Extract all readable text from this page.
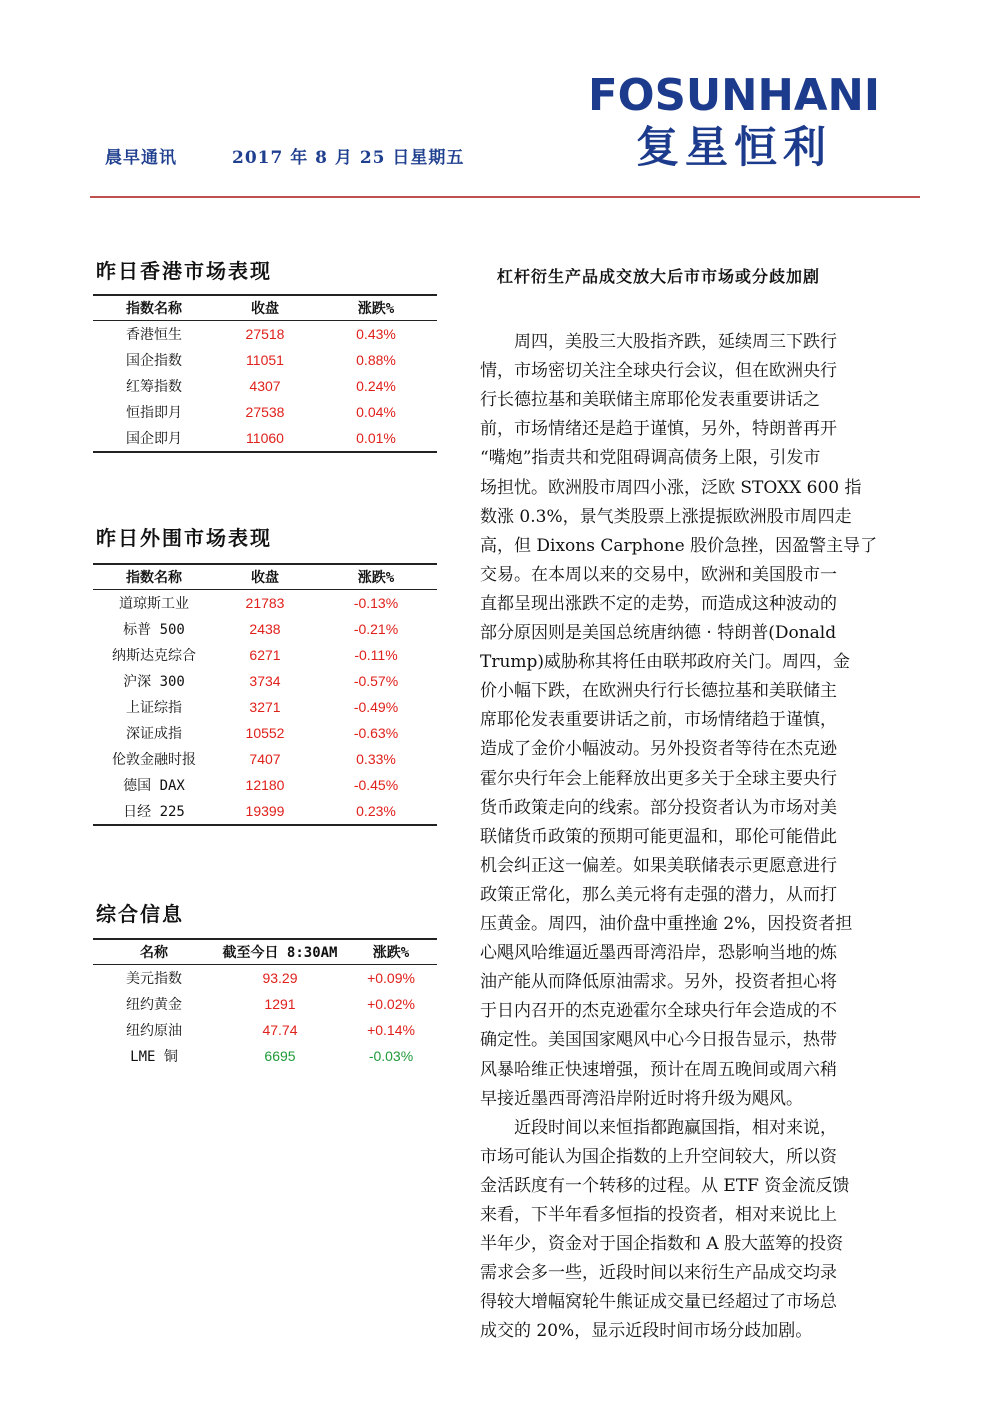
晨早通讯	2017 年 8 月 25 日星期五
FOSUNHANI
复星恒利
昨日香港市场表现
指数名称	收盘	涨跌%
香港恒生	27518	0.43%
国企指数	11051	0.88%
红筹指数	4307	0.24%
恒指即月	27538	0.04%
国企即月	11060	0.01%
昨日外围市场表现
指数名称	收盘	涨跌%
道琼斯工业	21783	-0.13%
标普 500	2438	-0.21%
纳斯达克综合	6271	-0.11%
沪深 300	3734	-0.57%
上证综指	3271	-0.49%
深证成指	10552	-0.63%
伦敦金融时报	7407	0.33%
德国 DAX	12180	-0.45%
日经 225	19399	0.23%
综合信息
名称	截至今日 8:30AM	涨跌%
美元指数	93.29	+0.09%
纽约黄金	1291	+0.02%
纽约原油	47.74	+0.14%
LME 铜	6695	-0.03%
杠杆衍生产品成交放大后市市场或分歧加剧
　　周四，美股三大股指齐跌，延续周三下跌行
情，市场密切关注全球央行会议，但在欧洲央行
行长德拉基和美联储主席耶伦发表重要讲话之
前，市场情绪还是趋于谨慎，另外，特朗普再开
“嘴炮”指责共和党阻碍调高债务上限，引发市
场担忧。欧洲股市周四小涨，泛欧 STOXX 600 指
数涨 0.3%，景气类股票上涨提振欧洲股市周四走
高，但 Dixons Carphone 股价急挫，因盈警主导了
交易。在本周以来的交易中，欧洲和美国股市一
直都呈现出涨跌不定的走势，而造成这种波动的
部分原因则是美国总统唐纳德 · 特朗普(Donald
Trump)威胁称其将任由联邦政府关门。周四，金
价小幅下跌，在欧洲央行行长德拉基和美联储主
席耶伦发表重要讲话之前，市场情绪趋于谨慎，
造成了金价小幅波动。另外投资者等待在杰克逊
霍尔央行年会上能释放出更多关于全球主要央行
货币政策走向的线索。部分投资者认为市场对美
联储货币政策的预期可能更温和，耶伦可能借此
机会纠正这一偏差。如果美联储表示更愿意进行
政策正常化，那么美元将有走强的潜力，从而打
压黄金。周四，油价盘中重挫逾 2%，因投资者担
心飓风哈维逼近墨西哥湾沿岸，恐影响当地的炼
油产能从而降低原油需求。另外，投资者担心将
于日内召开的杰克逊霍尔全球央行年会造成的不
确定性。美国国家飓风中心今日报告显示，热带
风暴哈维正快速增强，预计在周五晚间或周六稍
早接近墨西哥湾沿岸附近时将升级为飓风。
　　近段时间以来恒指都跑赢国指，相对来说，
市场可能认为国企指数的上升空间较大，所以资
金活跃度有一个转移的过程。从 ETF 资金流反馈
来看，下半年看多恒指的投资者，相对来说比上
半年少，资金对于国企指数和 A 股大蓝筹的投资
需求会多一些，近段时间以来衍生产品成交均录
得较大增幅窝轮牛熊证成交量已经超过了市场总
成交的 20%，显示近段时间市场分歧加剧。
